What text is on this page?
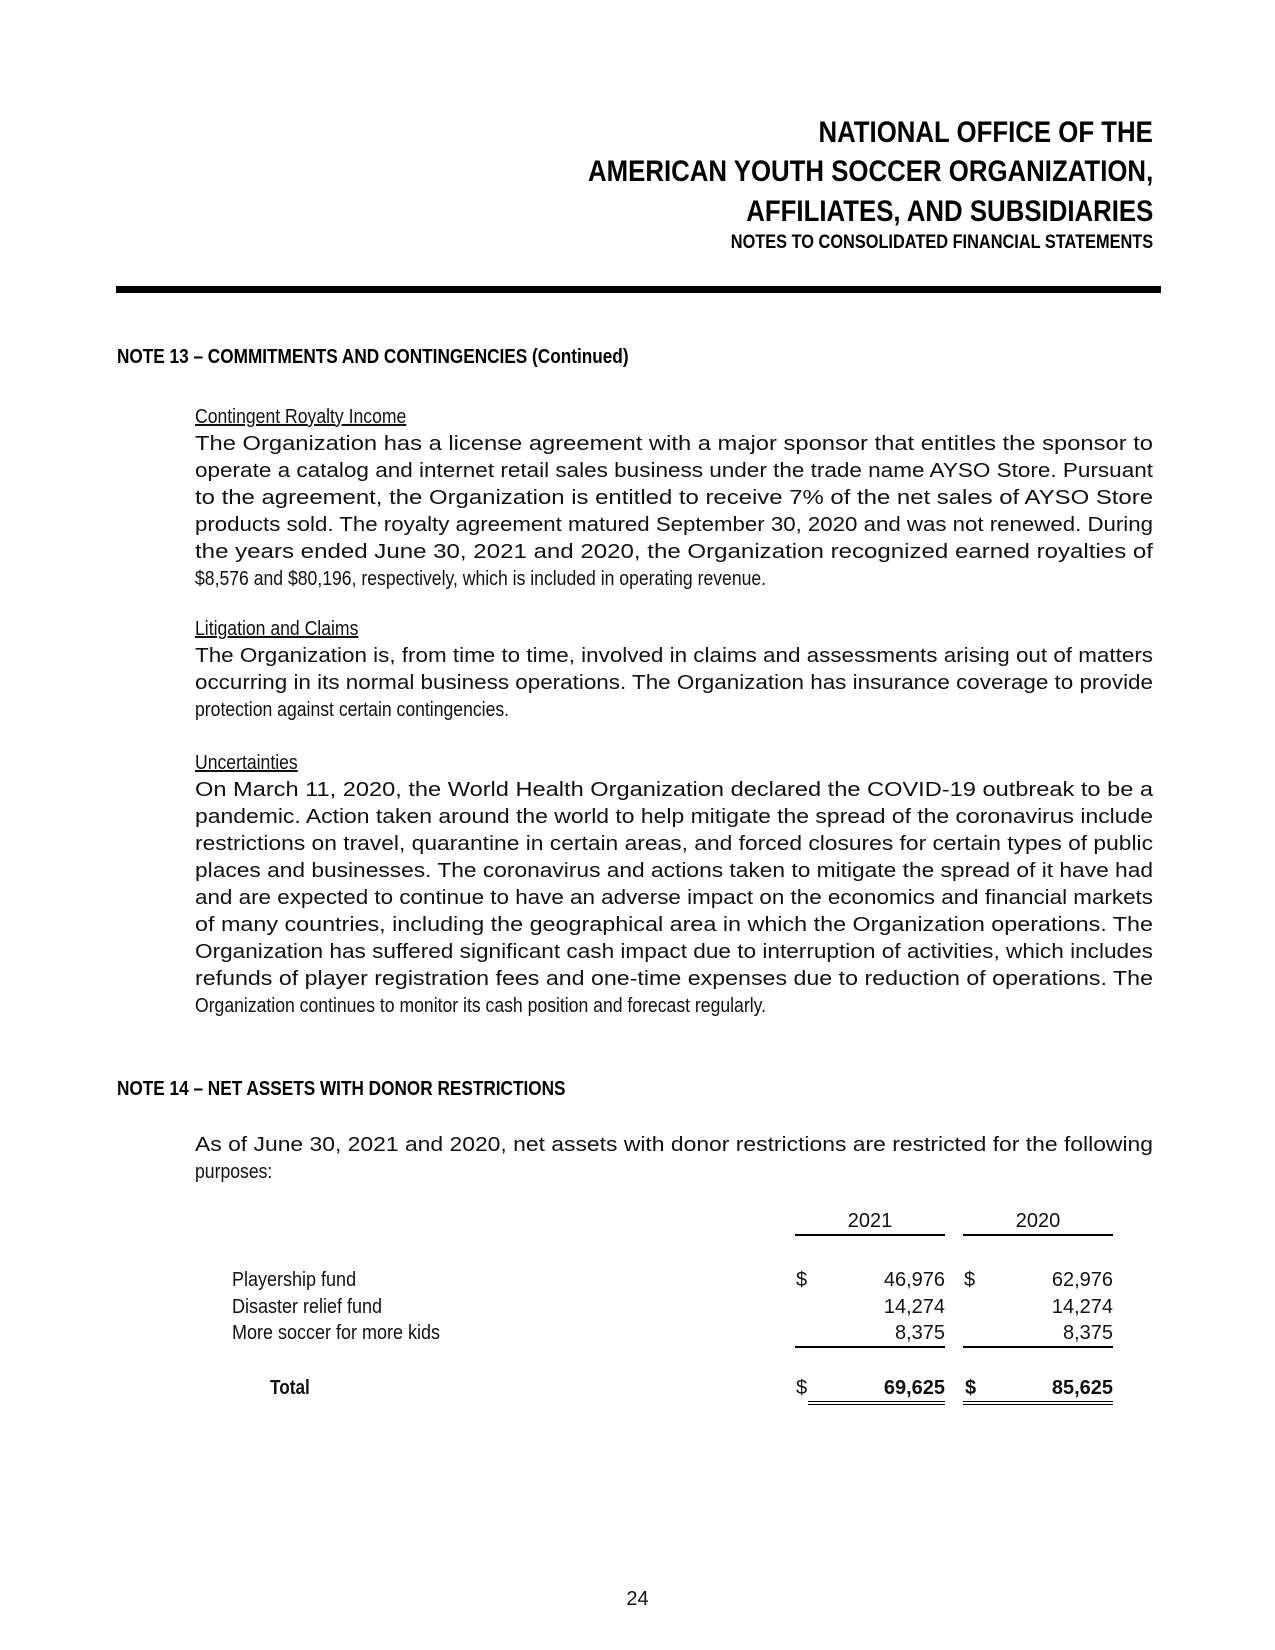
NATIONAL OFFICE OF THE
AMERICAN YOUTH SOCCER ORGANIZATION,
AFFILIATES, AND SUBSIDIARIES
NOTES TO CONSOLIDATED FINANCIAL STATEMENTS
NOTE 13 – COMMITMENTS AND CONTINGENCIES (Continued)
Contingent Royalty Income
The Organization has a license agreement with a major sponsor that entitles the sponsor to
operate a catalog and internet retail sales business under the trade name AYSO Store. Pursuant
to the agreement, the Organization is entitled to receive 7% of the net sales of AYSO Store
products sold. The royalty agreement matured September 30, 2020 and was not renewed. During
the years ended June 30, 2021 and 2020, the Organization recognized earned royalties of
$8,576 and $80,196, respectively, which is included in operating revenue.
Litigation and Claims
The Organization is, from time to time, involved in claims and assessments arising out of matters
occurring in its normal business operations. The Organization has insurance coverage to provide
protection against certain contingencies.
Uncertainties
On March 11, 2020, the World Health Organization declared the COVID-19 outbreak to be a
pandemic. Action taken around the world to help mitigate the spread of the coronavirus include
restrictions on travel, quarantine in certain areas, and forced closures for certain types of public
places and businesses. The coronavirus and actions taken to mitigate the spread of it have had
and are expected to continue to have an adverse impact on the economics and financial markets
of many countries, including the geographical area in which the Organization operations. The
Organization has suffered significant cash impact due to interruption of activities, which includes
refunds of player registration fees and one-time expenses due to reduction of operations. The
Organization continues to monitor its cash position and forecast regularly.
NOTE 14 – NET ASSETS WITH DONOR RESTRICTIONS
As of June 30, 2021 and 2020, net assets with donor restrictions are restricted for the following
purposes:
2021	2020
Playership fund	$	46,976 $	62,976
Disaster relief fund	14,274	14,274
More soccer for more kids	8,375	8,375
Total	$	69,625 $	85,625
24
